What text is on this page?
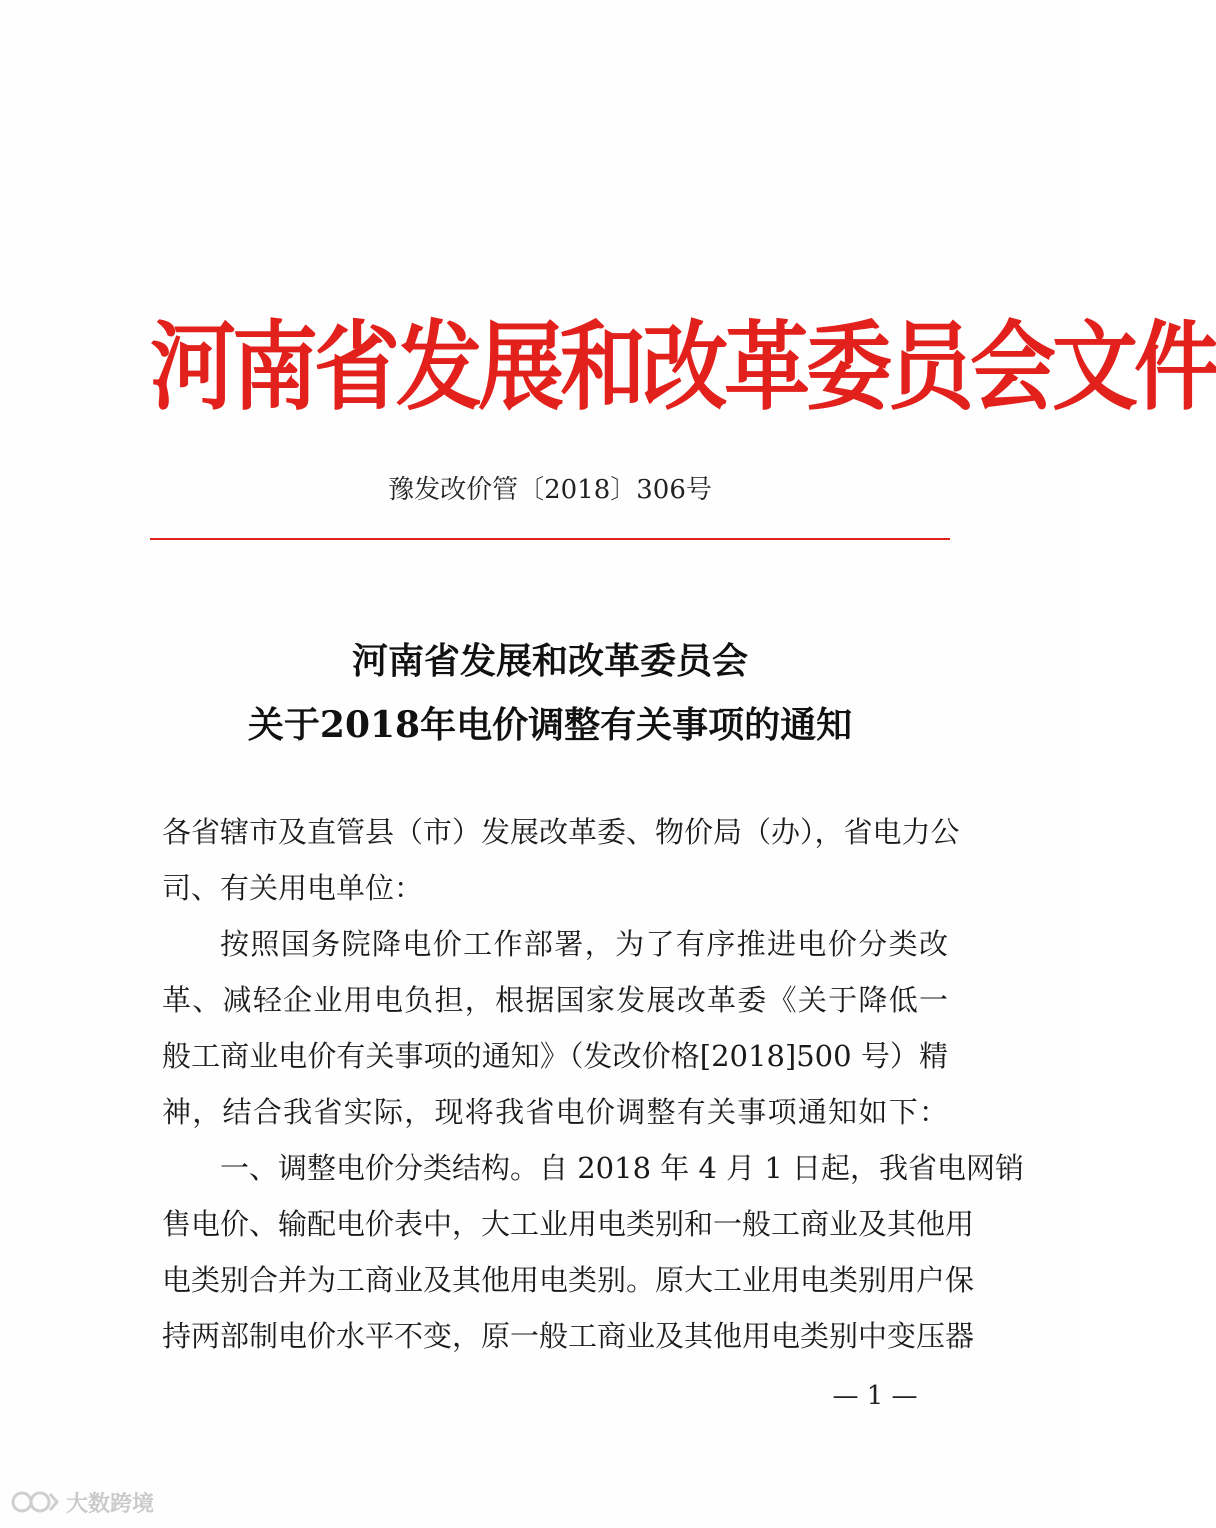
河南省发展和改革委员会文件
豫发改价管〔2018〕306号
河南省发展和改革委员会
关于2018年电价调整有关事项的通知
各省辖市及直管县（市）发展改革委、物价局（办），省电力公
司、有关用电单位：
按照国务院降电价工作部署，为了有序推进电价分类改
革、减轻企业用电负担，根据国家发展改革委《关于降低一
般工商业电价有关事项的通知》（发改价格[2018]500 号）精
神，结合我省实际，现将我省电价调整有关事项通知如下：
一、调整电价分类结构。自 2018 年 4 月 1 日起，我省电网销
售电价、输配电价表中，大工业用电类别和一般工商业及其他用
电类别合并为工商业及其他用电类别。原大工业用电类别用户保
持两部制电价水平不变，原一般工商业及其他用电类别中变压器
— 1 —
大数跨境
